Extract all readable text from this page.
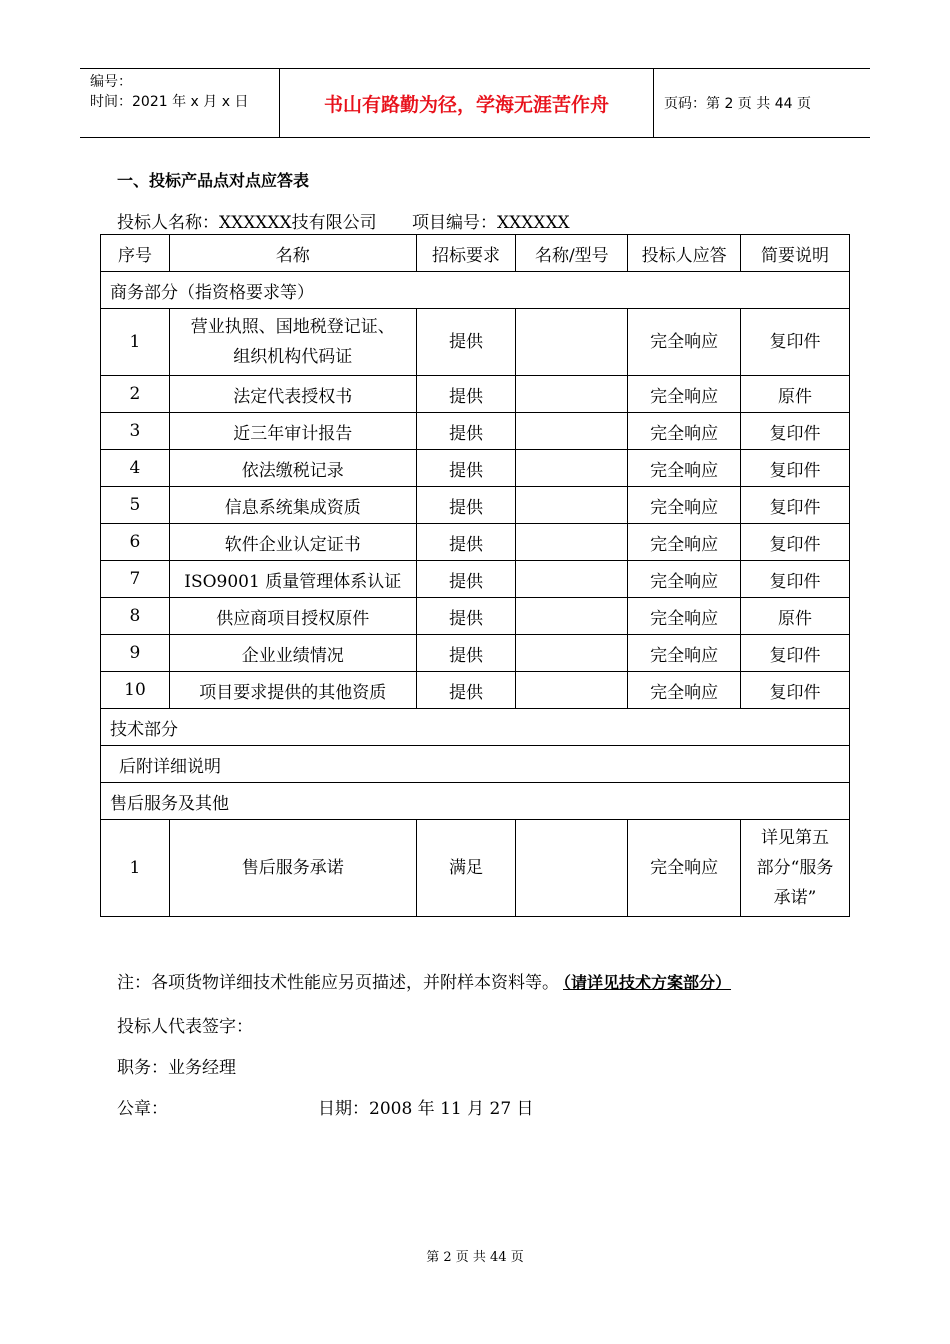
编号：
时间：2021 年 x 月 x 日	书山有路勤为径，学海无涯苦作舟	页码：第 2 页 共 44 页
一、投标产品点对点应答表
投标人名称：XXXXXX技有限公司 项目编号：XXXXXX
序号	名称	招标要求	名称/型号	投标人应答	简要说明
商务部分（指资格要求等）					
1	营业执照、国地税登记证、组织机构代码证	提供		完全响应	复印件
2	法定代表授权书	提供		完全响应	原件
3	近三年审计报告	提供		完全响应	复印件
4	依法缴税记录	提供		完全响应	复印件
5	信息系统集成资质	提供		完全响应	复印件
6	软件企业认定证书	提供		完全响应	复印件
7	ISO9001 质量管理体系认证	提供		完全响应	复印件
8	供应商项目授权原件	提供		完全响应	原件
9	企业业绩情况	提供		完全响应	复印件
10	项目要求提供的其他资质	提供		完全响应	复印件
技术部分					
后附详细说明					
售后服务及其他					
1	售后服务承诺	满足		完全响应	详见第五部分“服务承诺”
注：各项货物详细技术性能应另页描述，并附样本资料等。 （请详见技术方案部分）
投标人代表签字：
职务：业务经理
公章：	日期：2008 年 11 月 27 日
第 2 页 共 44 页
